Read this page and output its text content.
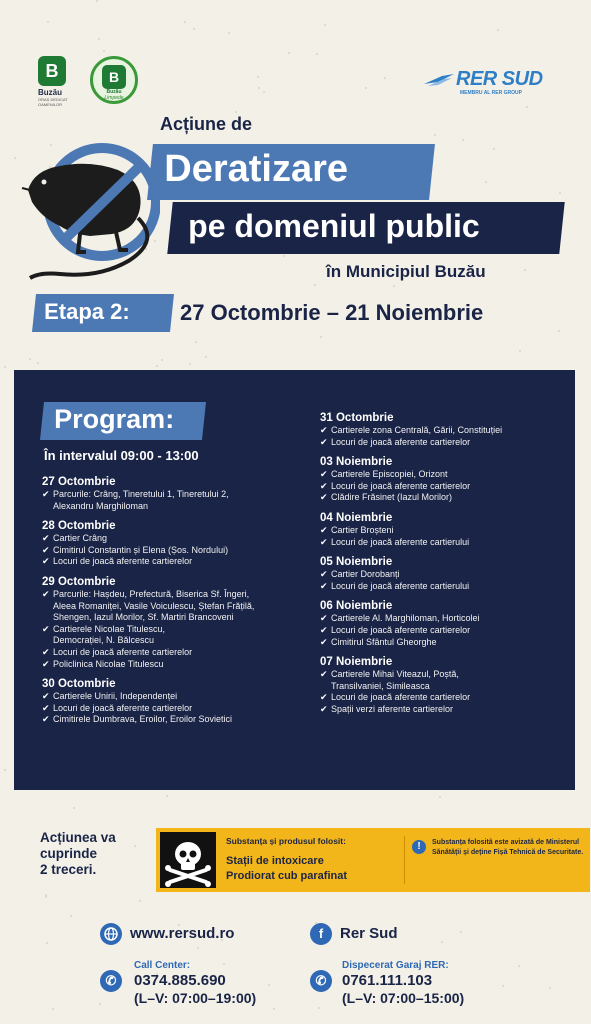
B
Buzău
ORAȘ DEDICAT OAMENILOR
B
Buzău
Limpede
RER SUD
MEMBRU AL RER GROUP
Acțiune de
Deratizare
pe domeniul public
în Municipiul Buzău
Etapa 2: 27 Octombrie – 21 Noiembrie
Program:
În intervalul 09:00 - 13:00
27 Octombrie
✔ Parcurile: Crâng, Tineretului 1, Tineretului 2,
Alexandru Marghiloman
28 Octombrie
✔ Cartier Crâng
✔ Cimitirul Constantin și Elena (Șos. Nordului)
✔ Locuri de joacă aferente cartierelor
29 Octombrie
✔ Parcurile: Hașdeu, Prefectură, Biserica Sf. Îngeri,
Aleea Romaniței, Vasile Voiculescu, Ștefan Frățilă,
Shengen, Iazul Morilor, Sf. Martiri Brancoveni
✔ Cartierele Nicolae Titulescu,
Democrației, N. Bălcescu
✔ Locuri de joacă aferente cartierelor
✔ Policlinica Nicolae Titulescu
30 Octombrie
✔ Cartierele Unirii, Independenței
✔ Locuri de joacă aferente cartierelor
✔ Cimitirele Dumbrava, Eroilor, Eroilor Sovietici
31 Octombrie
✔ Cartierele zona Centrală, Gării, Constituției
✔ Locuri de joacă aferente cartierelor
03 Noiembrie
✔ Cartierele Episcopiei, Orizont
✔ Locuri de joacă aferente cartierelor
✔ Clădire Frăsinet (Iazul Morilor)
04 Noiembrie
✔ Cartier Broșteni
✔ Locuri de joacă aferente cartierului
05 Noiembrie
✔ Cartier Dorobanți
✔ Locuri de joacă aferente cartierului
06 Noiembrie
✔ Cartierele Al. Marghiloman, Horticolei
✔ Locuri de joacă aferente cartierelor
✔ Cimitirul Sfântul Gheorghe
07 Noiembrie
✔ Cartierele Mihai Viteazul, Poștă,
Transilvaniei, Simileasca
✔ Locuri de joacă aferente cartierelor
✔ Spații verzi aferente cartierelor
Acțiunea va
cuprinde
2 treceri.
Substanța și produsul folosit:
Stații de intoxicare
Prodiorat cub parafinat
!	Substanța folosită este avizată de Ministerul Sănătății și deține Fișă Tehnică de Securitate.
www.rersud.ro	f	Rer Sud
✆
Call Center:
0374.885.690
(L–V: 07:00–19:00)
✆
Dispecerat Garaj RER:
0761.111.103
(L–V: 07:00–15:00)
